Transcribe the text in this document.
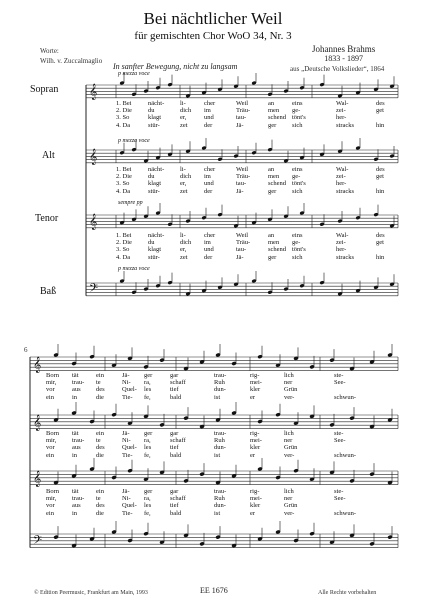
Bei nächtlicher Weil
für gemischten Chor WoO 34, Nr. 3
Worte:
Wilh. v. Zuccalmaglio
Johannes Brahms
1833 - 1897
aus „Deutsche Volkslieder“, 1864
In sanfter Bewegung, nicht zu langsam
Sopran
Alt
Tenor
Baß
p mezza voce
p mezza voce
sempre pp
p mezza voce
𝄞
𝄞
𝄞
𝄢
𝄞
𝄞
𝄞
𝄢
6
1. Bei	nächt- li-	cher	Weil	an	eins	Wal-	des
2. Die du	dich im	Träu-	men ge-	zei-	get
3. So	klagt	er,	und	tau-	schend tönt's	her-
4. Da	stür-	zet	der	Jä-	ger sich	stracks	hin
1. Bei	nächt- li-	cher	Weil	an	eins	Wal-	des
2. Die du	dich im	Träu-	men ge-	zei-	get
3. So	klagt	er,	und	tau-	schend tönt's	her-
4. Da	stür-	zet	der	Jä-	ger sich	stracks	hin
1. Bei	nächt- li-	cher	Weil	an	eins	Wal-	des
2. Die du	dich im	Träu-	men ge-	zei-	get
3. So	klagt	er,	und	tau-	schend tönt's	her-
4. Da	stür-	zet	der	Jä-	ger sich	stracks	hin
Born tät	ein	Jä- ger	gar	trau-	rig-	lich	ste-
mir, trau- te	Ni- ra,	schaff	Ruh	mei-	ner	See-
vor	aus des	Quel- les	tief	dun-	kler	Grün
ein	in	die	Tie- fe,	bald	ist	er	ver-	schwun-
Born tät	ein	Jä- ger	gar	trau-	rig-	lich	ste-
mir, trau- te	Ni- ra,	schaff	Ruh	mei-	ner	See-
vor	aus des	Quel- les	tief	dun-	kler	Grün
ein	in	die	Tie- fe,	bald	ist	er	ver-	schwun-
Born tät	ein	Jä- ger	gar	trau-	rig-	lich	ste-
mir, trau- te	Ni- ra,	schaff	Ruh	mei-	ner	See-
vor	aus des	Quel- les	tief	dun-	kler	Grün
ein	in	die	Tie- fe,	bald	ist	er	ver-	schwun-
© Edition Peermusic, Frankfurt am Main, 1993	EE 1676	Alle Rechte vorbehalten
